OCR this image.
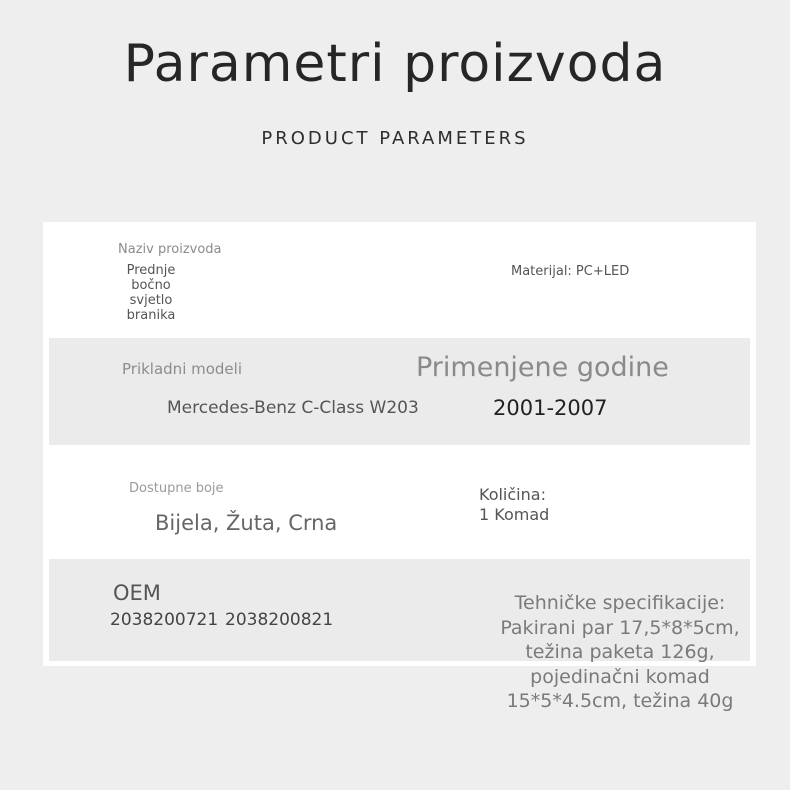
Parametri proizvoda
PRODUCT PARAMETERS
Naziv proizvoda
Prednje
bočno
svjetlo
branika
Materijal: PC+LED
Prikladni modeli	Primenjene godine
Mercedes-Benz C-Class W203	2001-2007
Dostupne boje
Bijela, Žuta, Crna
Količina:
1 Komad
OEM
2038200721 2038200821
Tehničke specifikacije:
Pakirani par 17,5*8*5cm,
težina paketa 126g,
pojedinačni komad
15*5*4.5cm, težina 40g
